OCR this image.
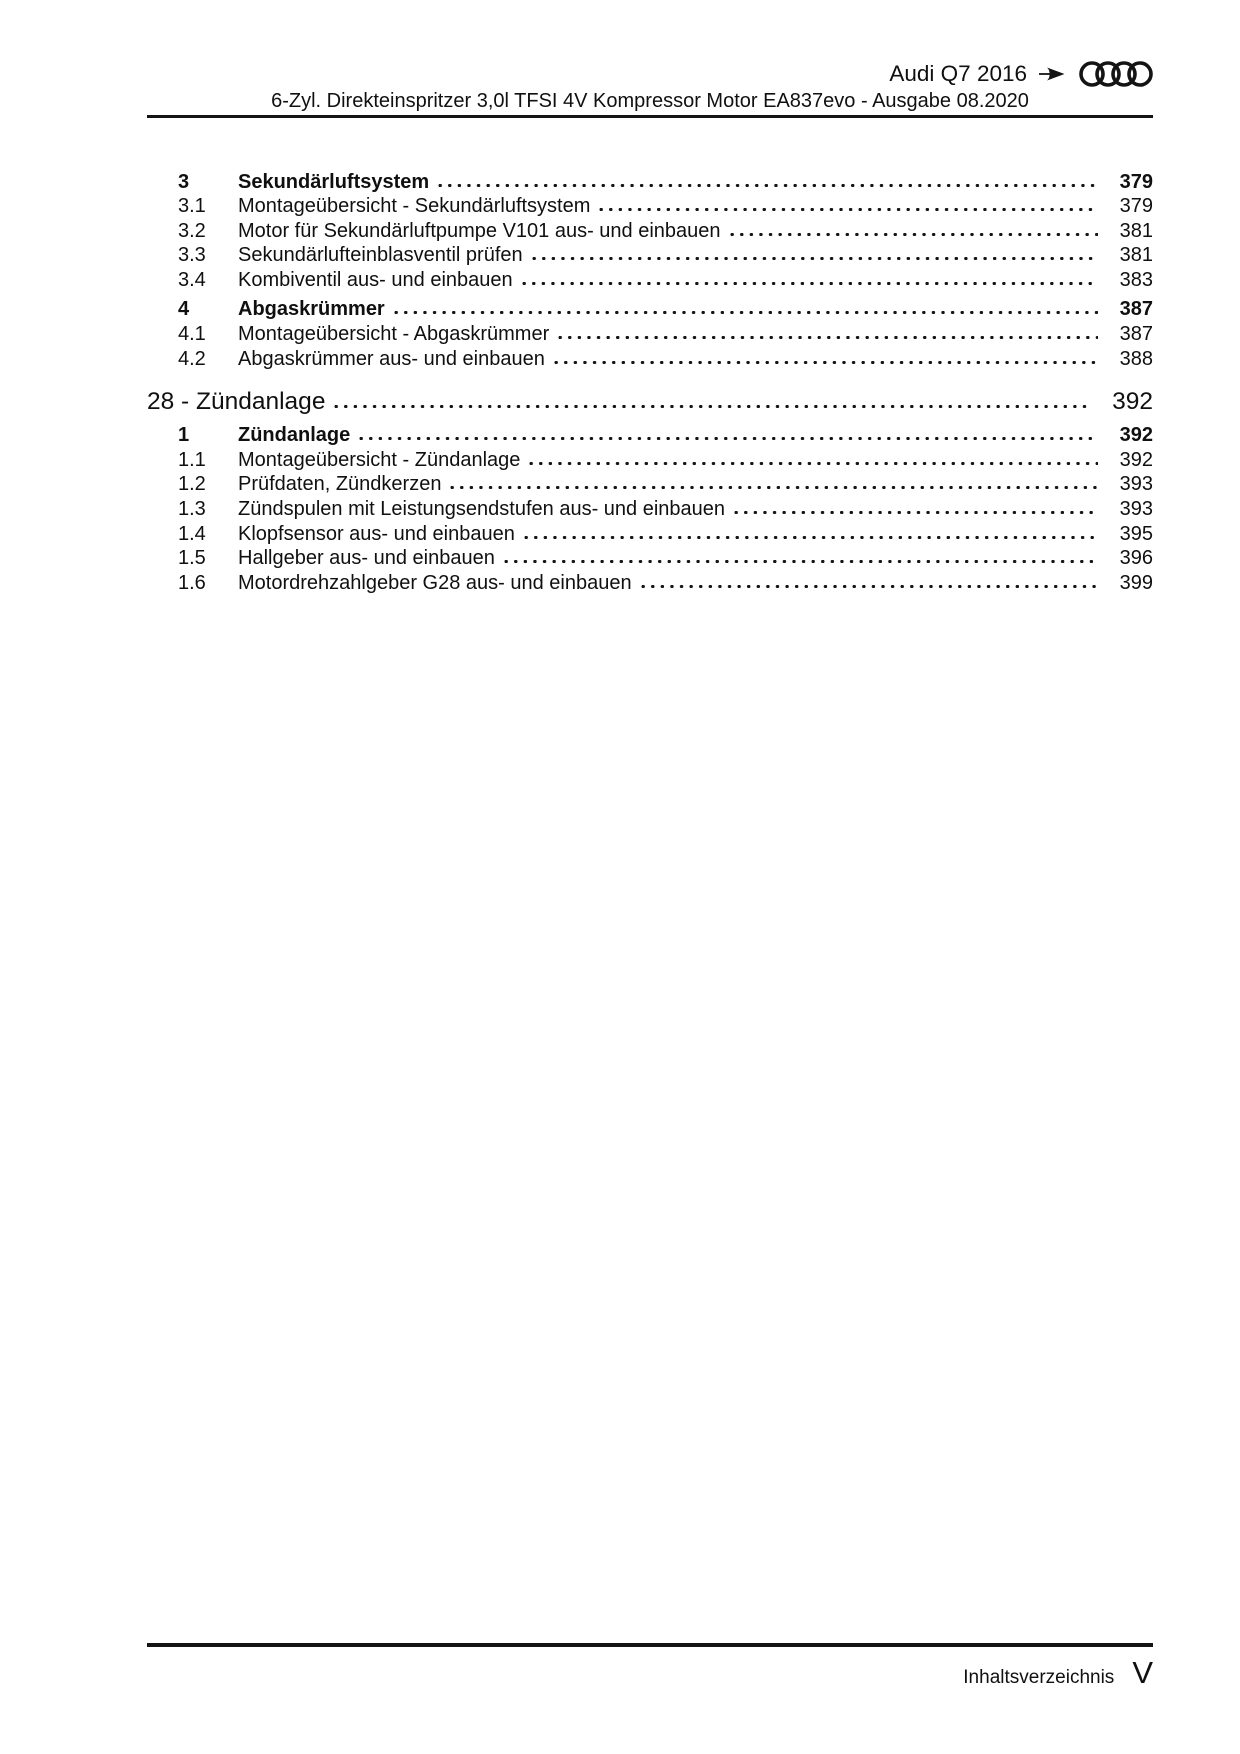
Audi Q7 2016
6-Zyl. Direkteinspritzer 3,0l TFSI 4V Kompressor Motor EA837evo - Ausgabe 08.2020
3	Sekundärluftsystem	379
3.1	Montageübersicht - Sekundärluftsystem	379
3.2	Motor für Sekundärluftpumpe V101 aus- und einbauen	381
3.3	Sekundärlufteinblasventil prüfen	381
3.4	Kombiventil aus- und einbauen	383
4	Abgaskrümmer	387
4.1	Montageübersicht - Abgaskrümmer	387
4.2	Abgaskrümmer aus- und einbauen	388
28 - Zündanlage	392
1	Zündanlage	392
1.1	Montageübersicht - Zündanlage	392
1.2	Prüfdaten, Zündkerzen	393
1.3	Zündspulen mit Leistungsendstufen aus- und einbauen	393
1.4	Klopfsensor aus- und einbauen	395
1.5	Hallgeber aus- und einbauen	396
1.6	Motordrehzahlgeber G28 aus- und einbauen	399
Inhaltsverzeichnis V
